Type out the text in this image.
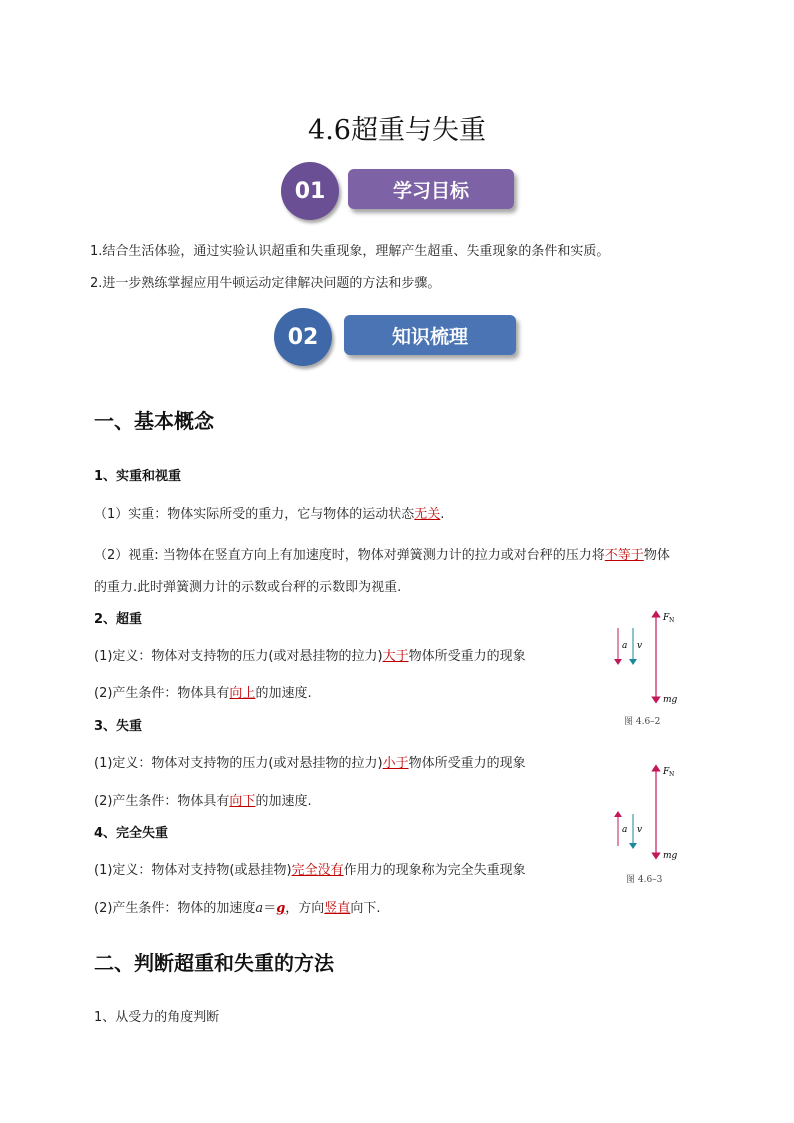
4.6超重与失重
学习目标
01
1.结合生活体验，通过实验认识超重和失重现象，理解产生超重、失重现象的条件和实质。
2.进一步熟练掌握应用牛顿运动定律解决问题的方法和步骤。
知识梳理
02
一、基本概念
1、实重和视重
（1）实重：物体实际所受的重力，它与物体的运动状态无关.
（2）视重: 当物体在竖直方向上有加速度时，物体对弹簧测力计的拉力或对台秤的压力将不等于物体
的重力.此时弹簧测力计的示数或台秤的示数即为视重.
2、超重
(1)定义：物体对支持物的压力(或对悬挂物的拉力)大于物体所受重力的现象
(2)产生条件：物体具有向上的加速度.
3、失重
(1)定义：物体对支持物的压力(或对悬挂物的拉力)小于物体所受重力的现象
(2)产生条件：物体具有向下的加速度.
4、完全失重
(1)定义：物体对支持物(或悬挂物)完全没有作用力的现象称为完全失重现象
(2)产生条件：物体的加速度a＝g，方向竖直向下.
二、判断超重和失重的方法
1、从受力的角度判断
F N
a v
mg
图 4.6–2
F N
a v
mg
图 4.6–3
